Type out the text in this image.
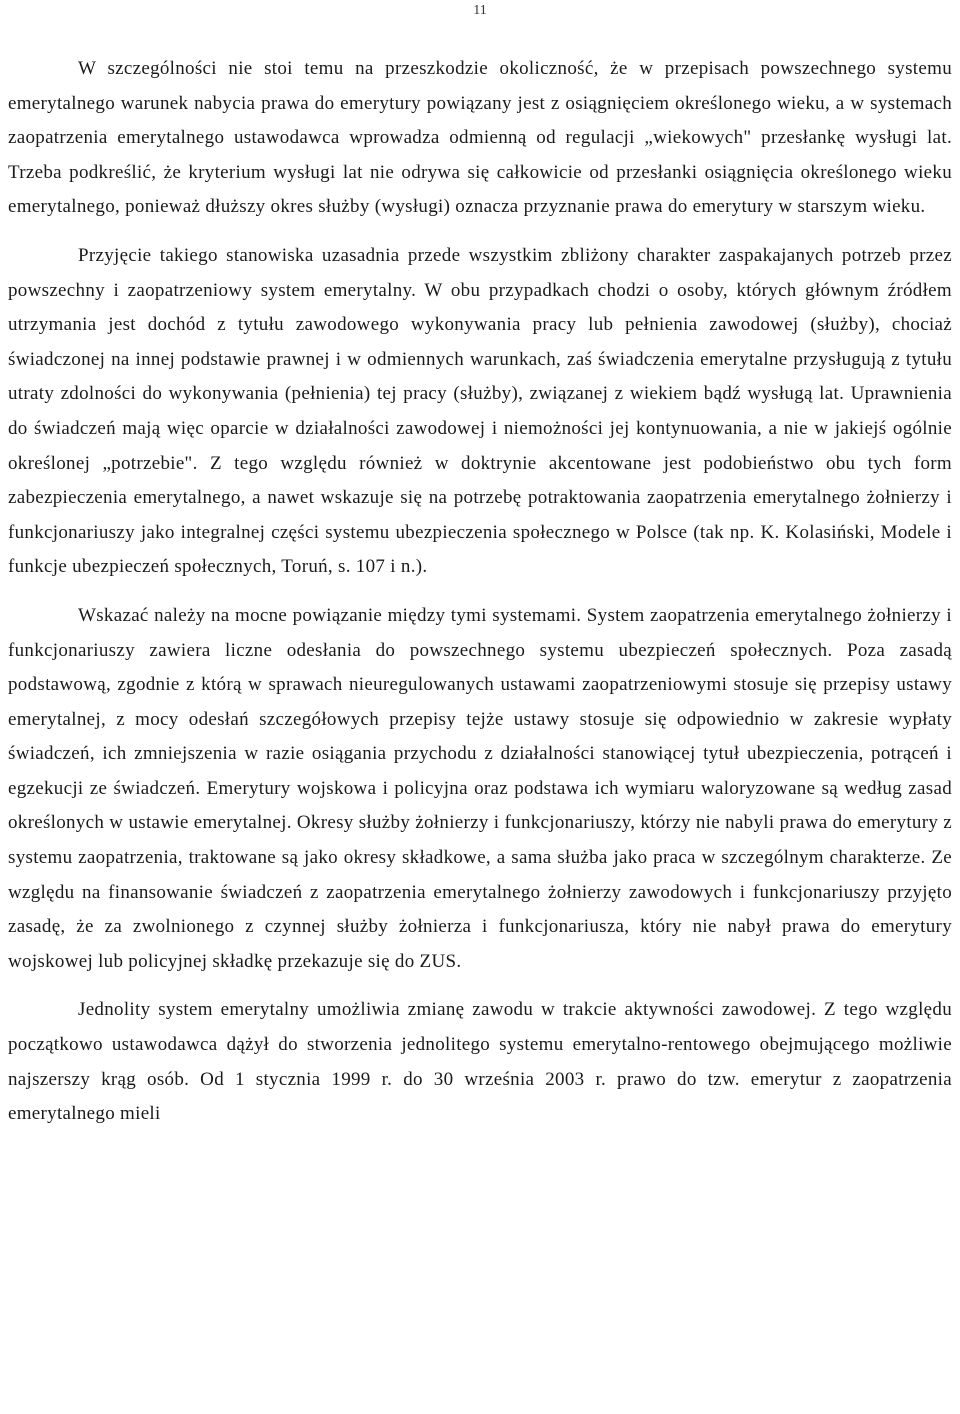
11

W szczególności nie stoi temu na przeszkodzie okoliczność, że w przepisach powszechnego systemu emerytalnego warunek nabycia prawa do emerytury powiązany jest z osiągnięciem określonego wieku, a w systemach zaopatrzenia emerytalnego ustawodawca wprowadza odmienną od regulacji „wiekowych" przesłankę wysługi lat. Trzeba podkreślić, że kryterium wysługi lat nie odrywa się całkowicie od przesłanki osiągnięcia określonego wieku emerytalnego, ponieważ dłuższy okres służby (wysługi) oznacza przyznanie prawa do emerytury w starszym wieku.

Przyjęcie takiego stanowiska uzasadnia przede wszystkim zbliżony charakter zaspakajanych potrzeb przez powszechny i zaopatrzeniowy system emerytalny. W obu przypadkach chodzi o osoby, których głównym źródłem utrzymania jest dochód z tytułu zawodowego wykonywania pracy lub pełnienia zawodowej (służby), chociaż świadczonej na innej podstawie prawnej i w odmiennych warunkach, zaś świadczenia emerytalne przysługują z tytułu utraty zdolności do wykonywania (pełnienia) tej pracy (służby), związanej z wiekiem bądź wysługą lat. Uprawnienia do świadczeń mają więc oparcie w działalności zawodowej i niemożności jej kontynuowania, a nie w jakiejś ogólnie określonej „potrzebie". Z tego względu również w doktrynie akcentowane jest podobieństwo obu tych form zabezpieczenia emerytalnego, a nawet wskazuje się na potrzebę potraktowania zaopatrzenia emerytalnego żołnierzy i funkcjonariuszy jako integralnej części systemu ubezpieczenia społecznego w Polsce (tak np. K. Kolasiński, Modele i funkcje ubezpieczeń społecznych, Toruń, s. 107 i n.).

Wskazać należy na mocne powiązanie między tymi systemami. System zaopatrzenia emerytalnego żołnierzy i funkcjonariuszy zawiera liczne odesłania do powszechnego systemu ubezpieczeń społecznych. Poza zasadą podstawową, zgodnie z którą w sprawach nieuregulowanych ustawami zaopatrzeniowymi stosuje się przepisy ustawy emerytalnej, z mocy odesłań szczegółowych przepisy tejże ustawy stosuje się odpowiednio w zakresie wypłaty świadczeń, ich zmniejszenia w razie osiągania przychodu z działalności stanowiącej tytuł ubezpieczenia, potrąceń i egzekucji ze świadczeń. Emerytury wojskowa i policyjna oraz podstawa ich wymiaru waloryzowane są według zasad określonych w ustawie emerytalnej. Okresy służby żołnierzy i funkcjonariuszy, którzy nie nabyli prawa do emerytury z systemu zaopatrzenia, traktowane są jako okresy składkowe, a sama służba jako praca w szczególnym charakterze. Ze względu na finansowanie świadczeń z zaopatrzenia emerytalnego żołnierzy zawodowych i funkcjonariuszy przyjęto zasadę, że za zwolnionego z czynnej służby żołnierza i funkcjonariusza, który nie nabył prawa do emerytury wojskowej lub policyjnej składkę przekazuje się do ZUS.

Jednolity system emerytalny umożliwia zmianę zawodu w trakcie aktywności zawodowej. Z tego względu początkowo ustawodawca dążył do stworzenia jednolitego systemu emerytalno-rentowego obejmującego możliwie najszerszy krąg osób. Od 1 stycznia 1999 r. do 30 września 2003 r. prawo do tzw. emerytur z zaopatrzenia emerytalnego mieli
